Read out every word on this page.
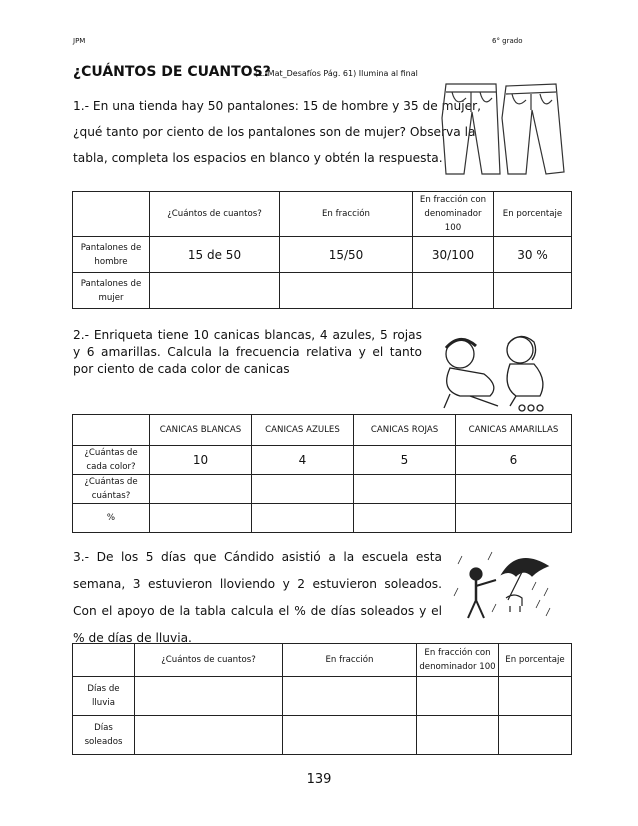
JPM	6° grado
¿CUÁNTOS DE CUANTOS?
(L. Mat_Desafíos Pág. 61) Ilumina al final
1.- En una tienda hay 50 pantalones: 15 de hombre y 35 de mujer,
¿qué tanto por ciento de los pantalones son de mujer? Observa la
tabla, completa los espacios en blanco y obtén la respuesta.
	¿Cuántos de cuantos?	En fracción	En fracción con denominador 100	En porcentaje
Pantalones de hombre	15 de 50	15/50	30/100	30 %
Pantalones de mujer				
2.- Enriqueta tiene 10 canicas blancas, 4 azules, 5 rojas y 6 amarillas. Calcula la frecuencia relativa y el tanto por ciento de cada color de canicas
	CANICAS BLANCAS	CANICAS AZULES	CANICAS ROJAS	CANICAS AMARILLAS
¿Cuántas de cada color?	10	4	5	6
¿Cuántas de cuántas?				
%				
3.- De los 5 días que Cándido asistió a la escuela esta semana, 3 estuvieron lloviendo y 2 estuvieron soleados. Con el apoyo de la tabla calcula el % de días soleados y el % de días de lluvia.
	¿Cuántos de cuantos?	En fracción	En fracción con denominador 100	En porcentaje
Días de lluvia				
Días soleados				
139
